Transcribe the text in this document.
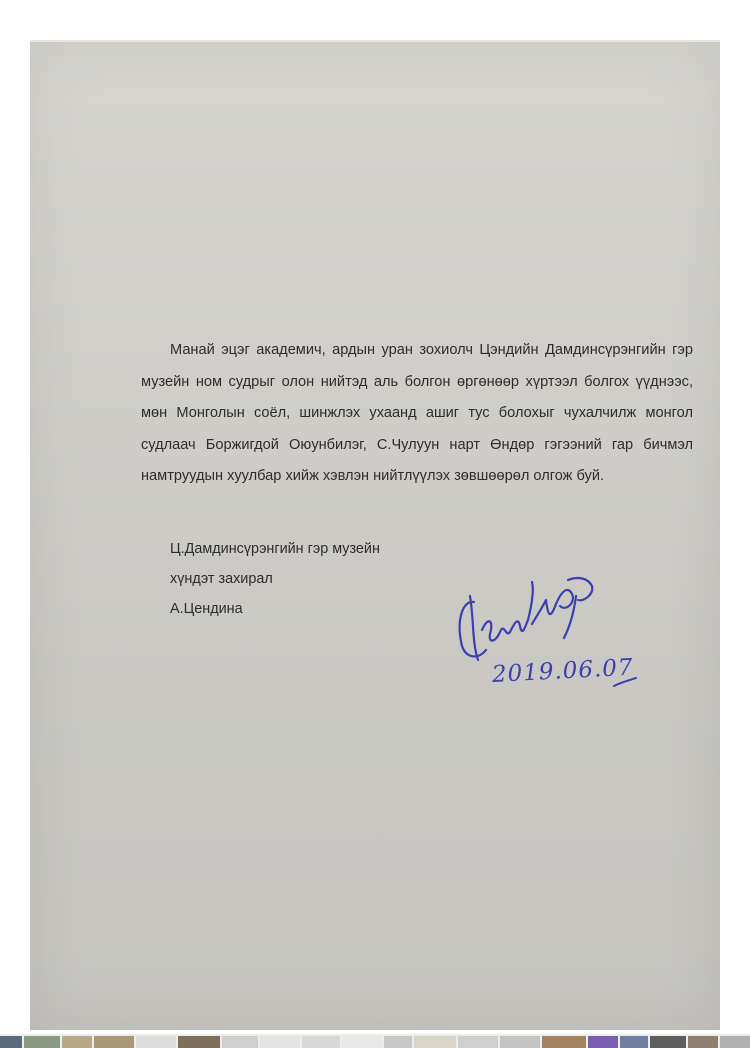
Манай эцэг академич, ардын уран зохиолч Цэндийн Дамдинсүрэнгийн гэр музейн ном судрыг олон нийтэд аль болгон өргөнөөр хүртээл болгох үүднээс, мөн Монголын соёл, шинжлэх ухаанд ашиг тус болохыг чухалчилж монгол судлаач Боржигдой Оюунбилэг, С.Чулуун нарт Өндөр гэгээний гар бичмэл намтруудын хуулбар хийж хэвлэн нийтлүүлэх зөвшөөрөл олгож буй.

Ц.Дамдинсүрэнгийн гэр музейн
хүндэт захирал
А.Цендина
2019.06.07
